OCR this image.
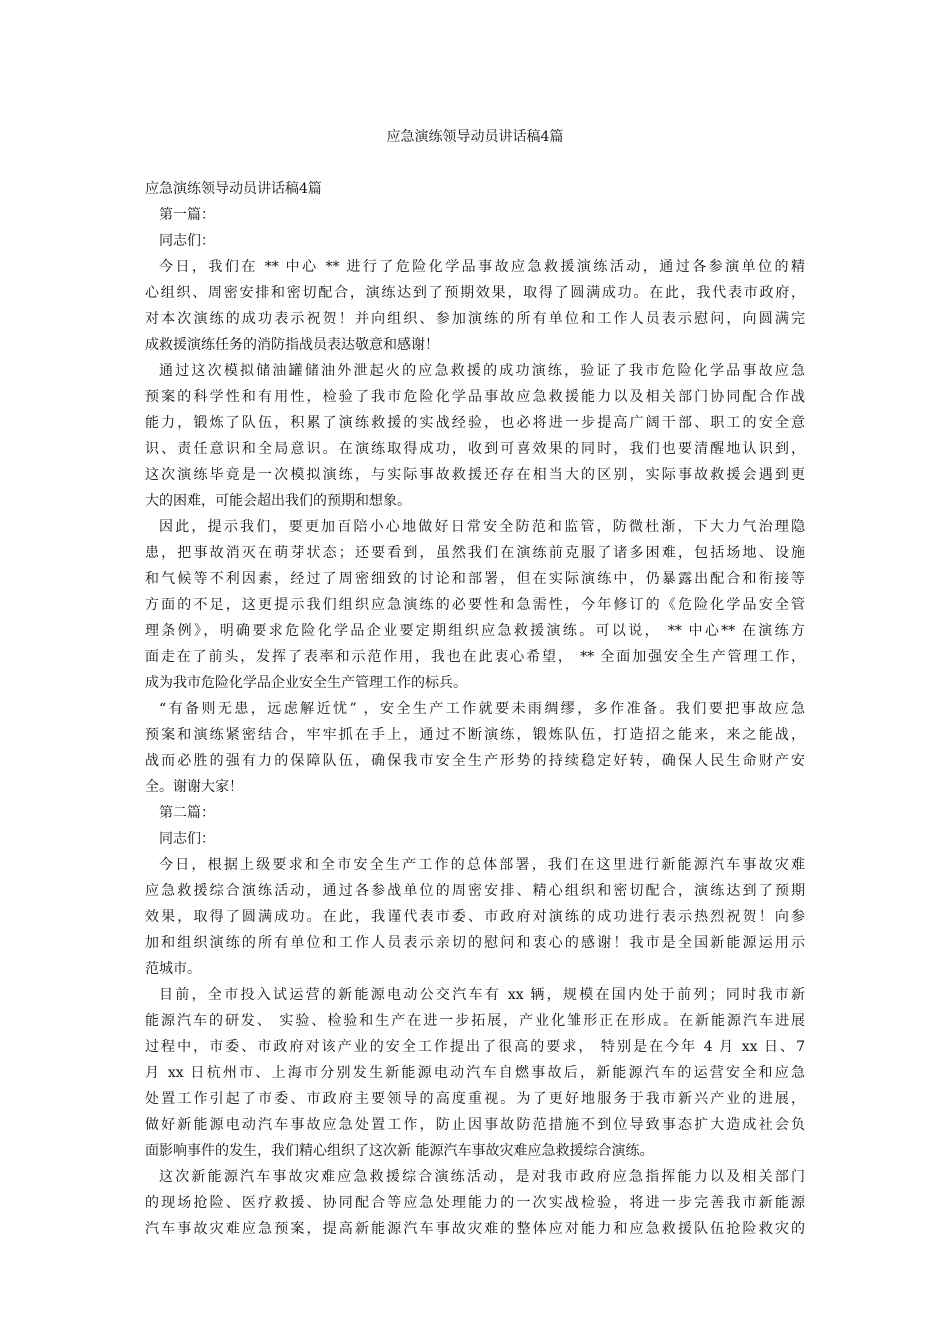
应急演练领导动员讲话稿4篇
应急演练领导动员讲话稿4篇
第一篇：
同志们：
今日，我们在 ** 中心 ** 进行了危险化学品事故应急救援演练活动，通过各参演单位的精
心组织、周密安排和密切配合，演练达到了预期效果，取得了圆满成功。在此，我代表市政府，
对本次演练的成功表示祝贺！并向组织、参加演练的所有单位和工作人员表示慰问，向圆满完
成救援演练任务的消防指战员表达敬意和感谢！
通过这次模拟储油罐储油外泄起火的应急救援的成功演练，验证了我市危险化学品事故应急
预案的科学性和有用性，检验了我市危险化学品事故应急救援能力以及相关部门协同配合作战
能力，锻炼了队伍，积累了演练救援的实战经验，也必将进一步提高广阔干部、职工的安全意
识、责任意识和全局意识。在演练取得成功，收到可喜效果的同时，我们也要清醒地认识到，
这次演练毕竟是一次模拟演练，与实际事故救援还存在相当大的区别，实际事故救援会遇到更
大的困难，可能会超出我们的预期和想象。
因此，提示我们，要更加百陪小心地做好日常安全防范和监管，防微杜渐，下大力气治理隐
患，把事故消灭在萌芽状态；还要看到，虽然我们在演练前克服了诸多困难，包括场地、设施
和气候等不利因素，经过了周密细致的讨论和部署，但在实际演练中，仍暴露出配合和衔接等
方面的不足，这更提示我们组织应急演练的必要性和急需性，今年修订的《危险化学品安全管
理条例》，明确要求危险化学品企业要定期组织应急救援演练。可以说， ** 中心** 在演练方
面走在了前头，发挥了表率和示范作用，我也在此衷心希望， ** 全面加强安全生产管理工作，
成为我市危险化学品企业安全生产管理工作的标兵。
“有备则无患，远虑解近忧” ，安全生产工作就要未雨绸缪，多作准备。我们要把事故应急
预案和演练紧密结合，牢牢抓在手上，通过不断演练，锻炼队伍，打造招之能来，来之能战，
战而必胜的强有力的保障队伍，确保我市安全生产形势的持续稳定好转，确保人民生命财产安
全。谢谢大家！
第二篇：
同志们：
今日，根据上级要求和全市安全生产工作的总体部署，我们在这里进行新能源汽车事故灾难
应急救援综合演练活动，通过各参战单位的周密安排、精心组织和密切配合，演练达到了预期
效果，取得了圆满成功。在此，我谨代表市委、市政府对演练的成功进行表示热烈祝贺！向参
加和组织演练的所有单位和工作人员表示亲切的慰问和衷心的感谢！我市是全国新能源运用示
范城市。
目前，全市投入试运营的新能源电动公交汽车有 xx 辆，规模在国内处于前列；同时我市新
能源汽车的研发、 实验、检验和生产在进一步拓展，产业化雏形正在形成。在新能源汽车进展
过程中，市委、市政府对该产业的安全工作提出了很高的要求， 特别是在今年 4 月 xx 日、7
月 xx 日杭州市、上海市分别发生新能源电动汽车自燃事故后，新能源汽车的运营安全和应急
处置工作引起了市委、市政府主要领导的高度重视。为了更好地服务于我市新兴产业的进展，
做好新能源电动汽车事故应急处置工作，防止因事故防范措施不到位导致事态扩大造成社会负
面影响事件的发生，我们精心组织了这次新 能源汽车事故灾难应急救援综合演练。
这次新能源汽车事故灾难应急救援综合演练活动，是对我市政府应急指挥能力以及相关部门
的现场抢险、医疗救援、协同配合等应急处理能力的一次实战检验，将进一步完善我市新能源
汽车事故灾难应急预案，提高新能源汽车事故灾难的整体应对能力和应急救援队伍抢险救灾的
